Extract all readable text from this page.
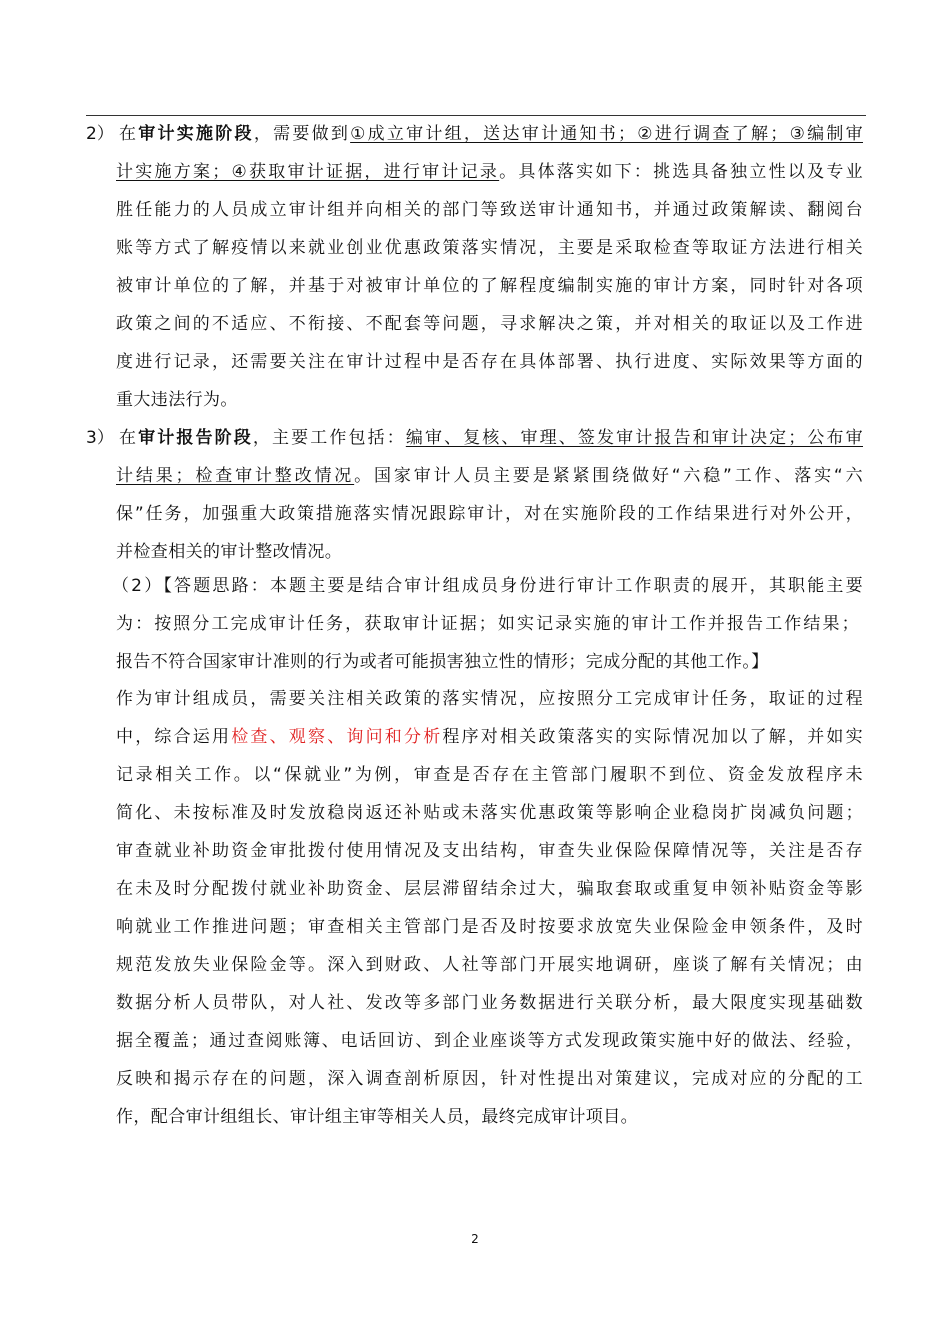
2） 在审计实施阶段，需要做到①成立审计组，送达审计通知书；②进行调查了解；③编制审
计实施方案；④获取审计证据，进行审计记录。具体落实如下：挑选具备独立性以及专业
胜任能力的人员成立审计组并向相关的部门等致送审计通知书，并通过政策解读、翻阅台
账等方式了解疫情以来就业创业优惠政策落实情况，主要是采取检查等取证方法进行相关
被审计单位的了解，并基于对被审计单位的了解程度编制实施的审计方案，同时针对各项
政策之间的不适应、不衔接、不配套等问题，寻求解决之策，并对相关的取证以及工作进
度进行记录，还需要关注在审计过程中是否存在具体部署、执行进度、实际效果等方面的
重大违法行为。
3） 在审计报告阶段，主要工作包括：编审、复核、审理、签发审计报告和审计决定；公布审
计结果；检查审计整改情况。国家审计人员主要是紧紧围绕做好“六稳”工作、落实“六
保”任务，加强重大政策措施落实情况跟踪审计，对在实施阶段的工作结果进行对外公开，
并检查相关的审计整改情况。
（2）【答题思路：本题主要是结合审计组成员身份进行审计工作职责的展开，其职能主要
为：按照分工完成审计任务，获取审计证据；如实记录实施的审计工作并报告工作结果；
报告不符合国家审计准则的行为或者可能损害独立性的情形；完成分配的其他工作。】
作为审计组成员，需要关注相关政策的落实情况，应按照分工完成审计任务，取证的过程
中，综合运用检查、观察、询问和分析程序对相关政策落实的实际情况加以了解，并如实
记录相关工作。以“保就业”为例，审查是否存在主管部门履职不到位、资金发放程序未
简化、未按标准及时发放稳岗返还补贴或未落实优惠政策等影响企业稳岗扩岗减负问题；
审查就业补助资金审批拨付使用情况及支出结构，审查失业保险保障情况等，关注是否存
在未及时分配拨付就业补助资金、层层滞留结余过大，骗取套取或重复申领补贴资金等影
响就业工作推进问题；审查相关主管部门是否及时按要求放宽失业保险金申领条件，及时
规范发放失业保险金等。深入到财政、人社等部门开展实地调研，座谈了解有关情况；由
数据分析人员带队，对人社、发改等多部门业务数据进行关联分析，最大限度实现基础数
据全覆盖；通过查阅账簿、电话回访、到企业座谈等方式发现政策实施中好的做法、经验，
反映和揭示存在的问题，深入调查剖析原因，针对性提出对策建议，完成对应的分配的工
作，配合审计组组长、审计组主审等相关人员，最终完成审计项目。
2
